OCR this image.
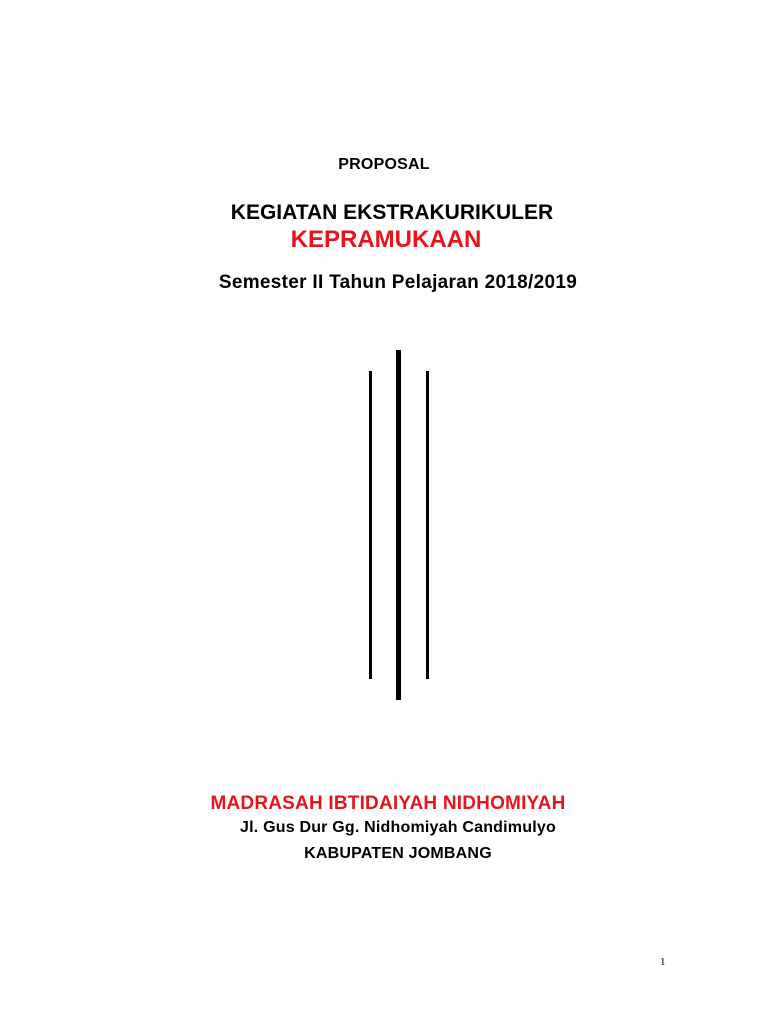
PROPOSAL
KEGIATAN EKSTRAKURIKULER
KEPRAMUKAAN
Semester II Tahun Pelajaran 2018/2019
MADRASAH IBTIDAIYAH NIDHOMIYAH
Jl. Gus Dur Gg. Nidhomiyah Candimulyo
KABUPATEN JOMBANG
1
